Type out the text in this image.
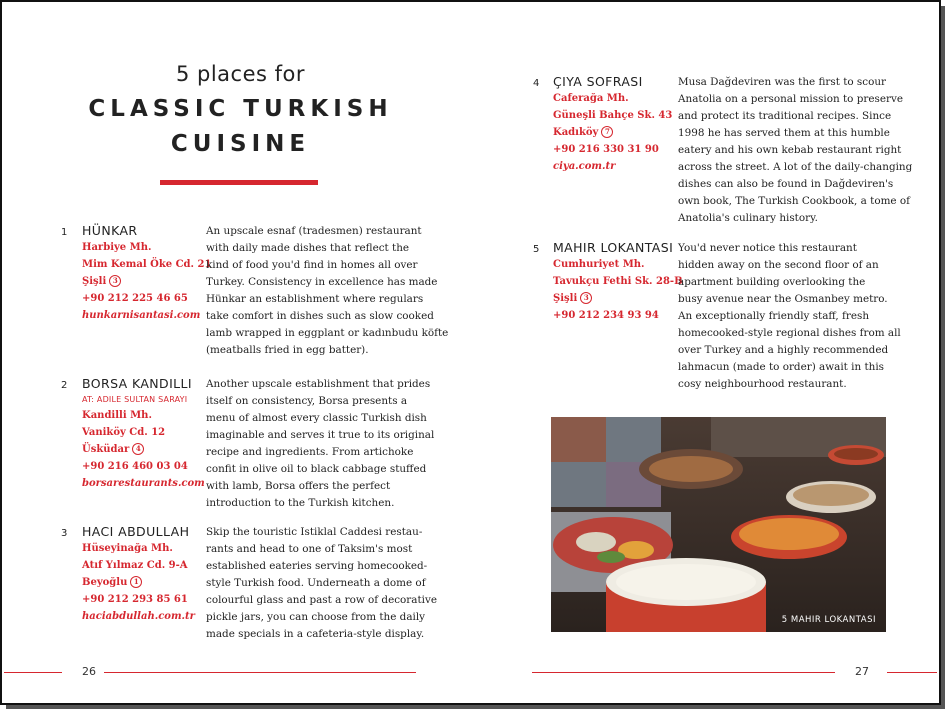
5 places for
CLASSIC TURKISH
CUISINE
1 HÜNKAR
Harbiye Mh.
Mim Kemal Öke Cd. 21
Şişli 3
+90 212 225 46 65
hunkarnisantasi.com
An upscale esnaf (tradesmen) restaurant
with daily made dishes that reflect the
kind of food you'd find in homes all over
Turkey. Consistency in excellence has made
Hünkar an establishment where regulars
take comfort in dishes such as slow cooked
lamb wrapped in eggplant or kadınbudu köfte
(meatballs fried in egg batter).
2 BORSA KANDILLI
AT: ADILE SULTAN SARAYI
Kandilli Mh.
Vaniköy Cd. 12
Üsküdar 4
+90 216 460 03 04
borsarestaurants.com
Another upscale establishment that prides
itself on consistency, Borsa presents a
menu of almost every classic Turkish dish
imaginable and serves it true to its original
recipe and ingredients. From artichoke
confit in olive oil to black cabbage stuffed
with lamb, Borsa offers the perfect
introduction to the Turkish kitchen.
3 HACI ABDULLAH
Hüseyinağa Mh.
Atıf Yılmaz Cd. 9-A
Beyoğlu 1
+90 212 293 85 61
haciabdullah.com.tr
Skip the touristic Istiklal Caddesi restau-
rants and head to one of Taksim's most
established eateries serving homecooked-
style Turkish food. Underneath a dome of
colourful glass and past a row of decorative
pickle jars, you can choose from the daily
made specials in a cafeteria-style display.
26
4 ÇIYA SOFRASI
Caferağa Mh.
Güneşli Bahçe Sk. 43
Kadıköy 7
+90 216 330 31 90
ciya.com.tr
Musa Dağdeviren was the first to scour
Anatolia on a personal mission to preserve
and protect its traditional recipes. Since
1998 he has served them at this humble
eatery and his own kebab restaurant right
across the street. A lot of the daily-changing
dishes can also be found in Dağdeviren's
own book, The Turkish Cookbook, a tome of
Anatolia's culinary history.
5 MAHIR LOKANTASI
Cumhuriyet Mh.
Tavukçu Fethi Sk. 28-B
Şişli 3
+90 212 234 93 94
You'd never notice this restaurant
hidden away on the second floor of an
apartment building overlooking the
busy avenue near the Osmanbey metro.
An exceptionally friendly staff, fresh
homecooked-style regional dishes from all
over Turkey and a highly recommended
lahmacun (made to order) await in this
cosy neighbourhood restaurant.
27
5 MAHIR LOKANTASI
